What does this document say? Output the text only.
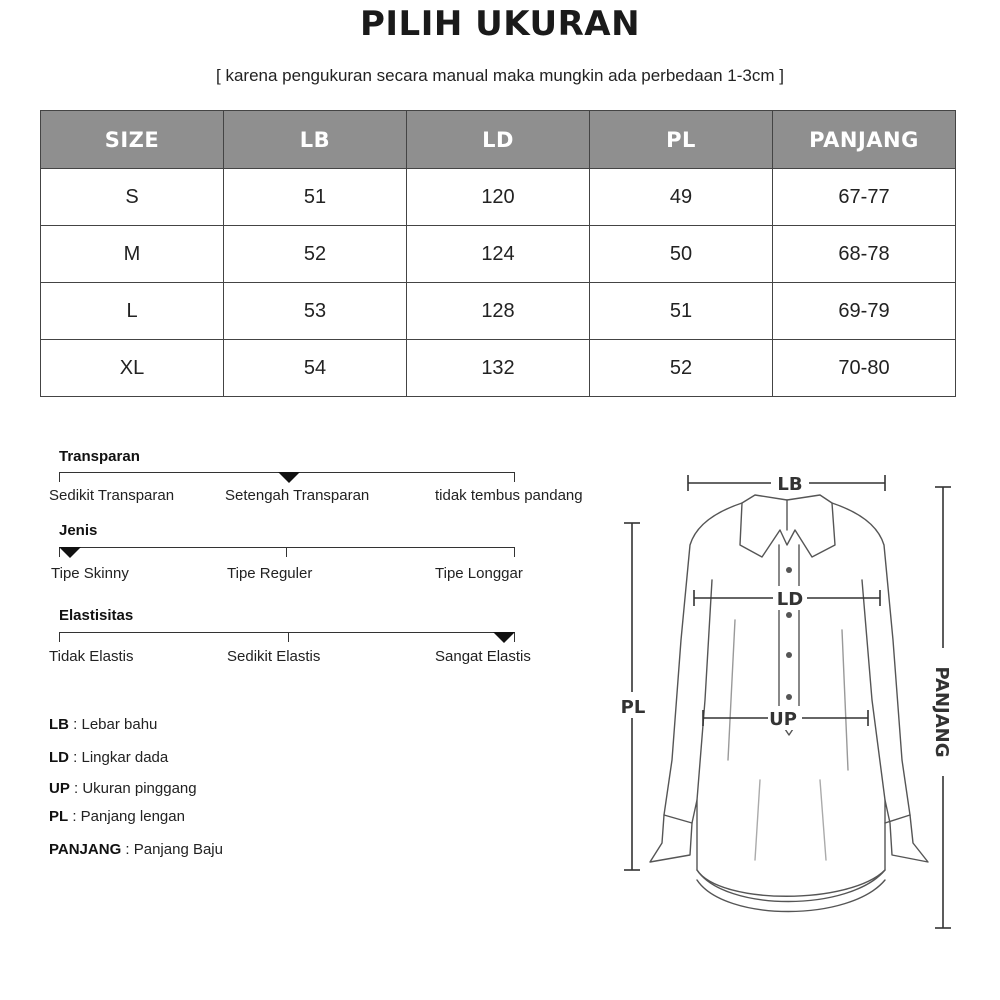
PILIH UKURAN
[ karena pengukuran secara manual maka mungkin ada perbedaan 1-3cm ]
SIZE	LB	LD	PL	PANJANG
S	51	120	49	67-77
M	52	124	50	68-78
L	53	128	51	69-79
XL	54	132	52	70-80
Transparan
Sedikit Transparan	Setengah Transparan	tidak tembus pandang
Jenis
Tipe Skinny	Tipe Reguler	Tipe Longgar
Elastisitas
Tidak Elastis	Sedikit Elastis	Sangat Elastis
LB : Lebar bahu
LD : Lingkar dada
UP : Ukuran pinggang
PL : Panjang lengan
PANJANG : Panjang Baju
LB
LD
UP
PL	PANJANG
